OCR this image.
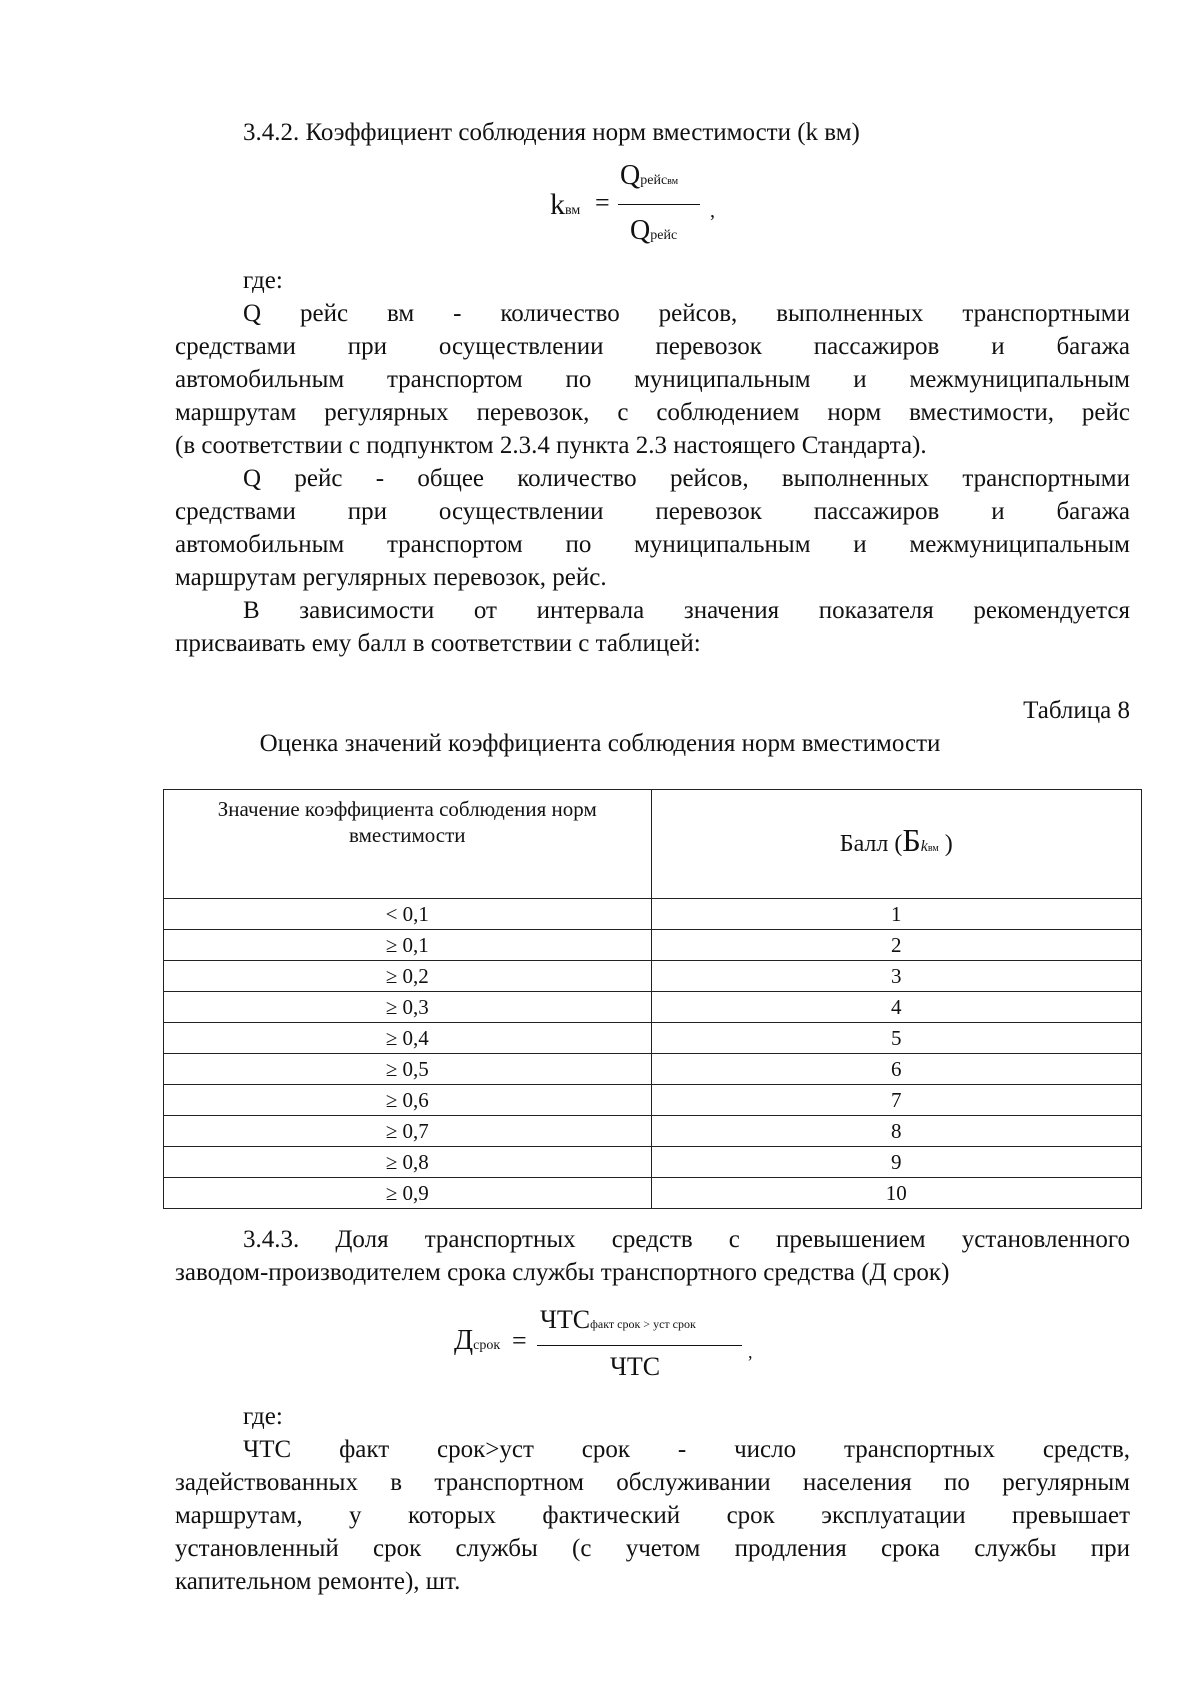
3.4.2. Коэффициент соблюдения норм вместимости (k вм)
kвм =
Qрейсвм
Qрейс
,
где:
Q рейс вм - количество рейсов, выполненных транспортными
средствами при осуществлении перевозок пассажиров и багажа
автомобильным транспортом по муниципальным и межмуниципальным
маршрутам регулярных перевозок, с соблюдением норм вместимости, рейс
(в соответствии с подпунктом 2.3.4 пункта 2.3 настоящего Стандарта).
Q рейс - общее количество рейсов, выполненных транспортными
средствами при осуществлении перевозок пассажиров и багажа
автомобильным транспортом по муниципальным и межмуниципальным
маршрутам регулярных перевозок, рейс.
В зависимости от интервала значения показателя рекомендуется
присваивать ему балл в соответствии с таблицей:
Таблица 8
Оценка значений коэффициента соблюдения норм вместимости
Значение коэффициента соблюдения норм
вместимости	Балл (Бkвм )
< 0,1	1
≥ 0,1	2
≥ 0,2	3
≥ 0,3	4
≥ 0,4	5
≥ 0,5	6
≥ 0,6	7
≥ 0,7	8
≥ 0,8	9
≥ 0,9	10
3.4.3. Доля транспортных средств с превышением установленного
заводом-производителем срока службы транспортного средства (Д срок)
Дсрок =
ЧТСфакт срок > уст срок
ЧТС	,
где:
ЧТС факт срок>уст срок - число транспортных средств,
задействованных в транспортном обслуживании населения по регулярным
маршрутам, у которых фактический срок эксплуатации превышает
установленный срок службы (с учетом продления срока службы при
капительном ремонте), шт.
